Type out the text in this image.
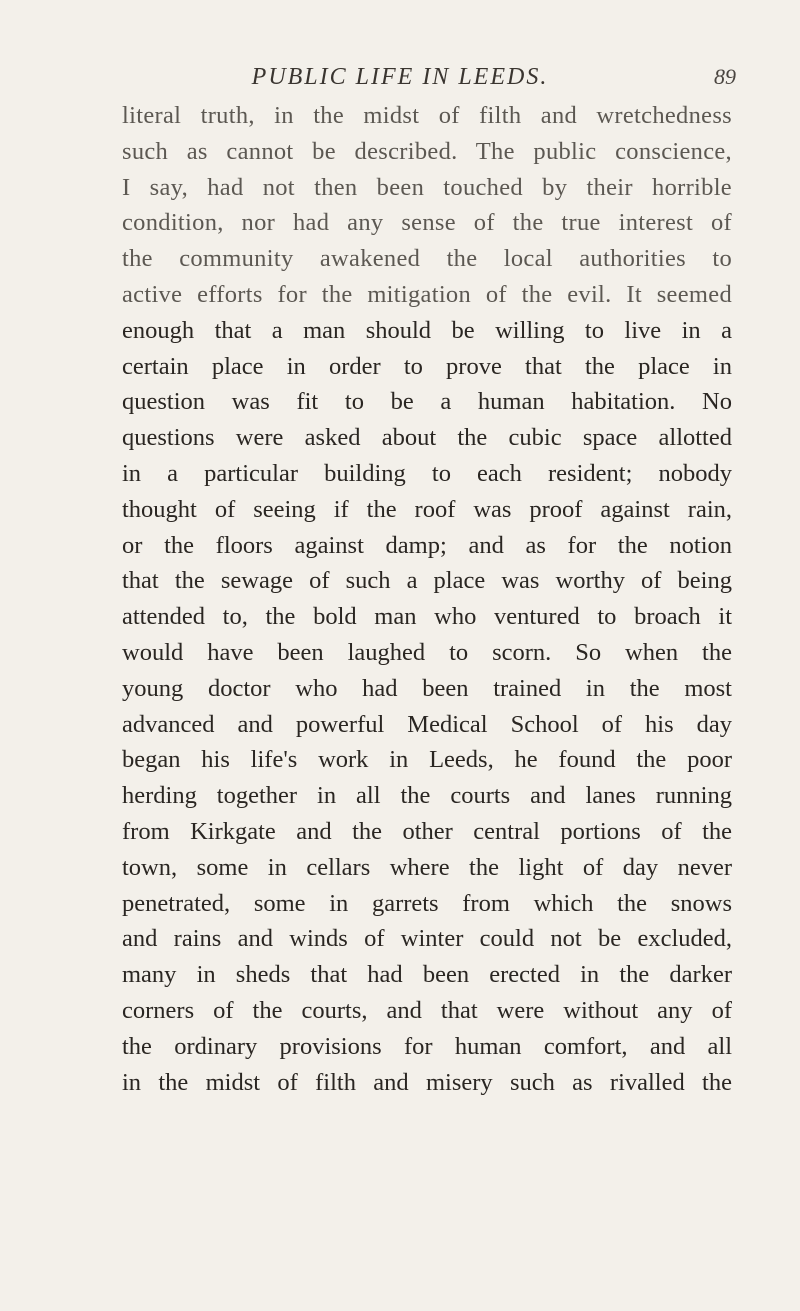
PUBLIC LIFE IN LEEDS.	89
literal truth, in the midst of filth and wretchedness
such as cannot be described. The public conscience,
I say, had not then been touched by their horrible
condition, nor had any sense of the true interest of
the community awakened the local authorities to
active efforts for the mitigation of the evil. It seemed
enough that a man should be willing to live in a
certain place in order to prove that the place in
question was fit to be a human habitation. No
questions were asked about the cubic space allotted
in a particular building to each resident; nobody
thought of seeing if the roof was proof against rain,
or the floors against damp; and as for the notion
that the sewage of such a place was worthy of being
attended to, the bold man who ventured to broach it
would have been laughed to scorn. So when the
young doctor who had been trained in the most
advanced and powerful Medical School of his day
began his life's work in Leeds, he found the poor
herding together in all the courts and lanes running
from Kirkgate and the other central portions of the
town, some in cellars where the light of day never
penetrated, some in garrets from which the snows
and rains and winds of winter could not be excluded,
many in sheds that had been erected in the darker
corners of the courts, and that were without any of
the ordinary provisions for human comfort, and all
in the midst of filth and misery such as rivalled the
